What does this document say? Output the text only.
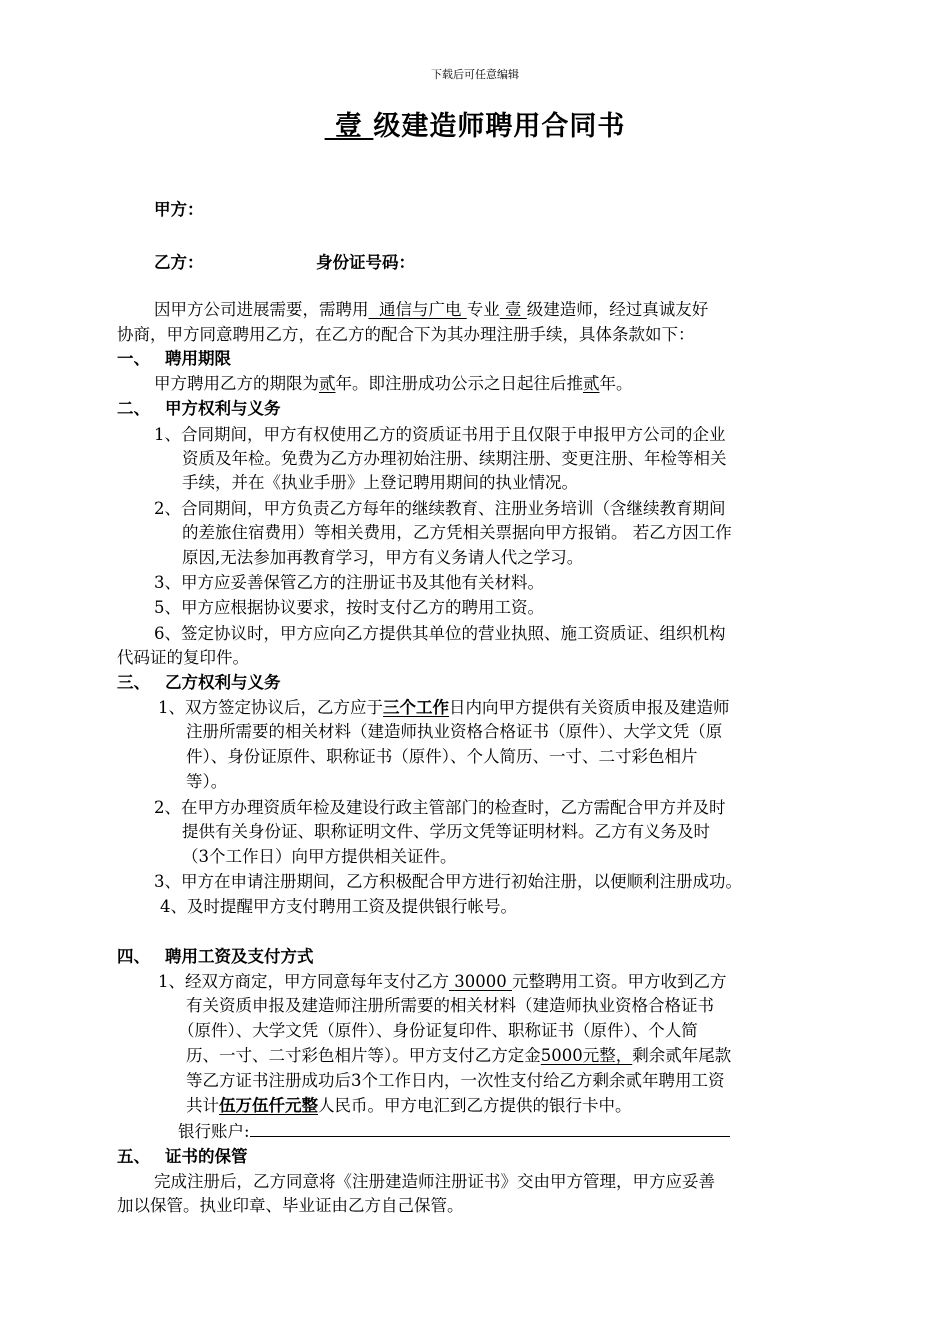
下载后可任意编辑
壹 级建造师聘用合同书
甲方：
乙方：	身份证号码：
因甲方公司进展需要，需聘用 通信与广电 专业 壹 级建造师，经过真诚友好
协商，甲方同意聘用乙方，在乙方的配合下为其办理注册手续，具体条款如下：
一、 聘用期限
甲方聘用乙方的期限为贰年。即注册成功公示之日起往后推贰年。
二、 甲方权利与义务
1、合同期间，甲方有权使用乙方的资质证书用于且仅限于申报甲方公司的企业
资质及年检。免费为乙方办理初始注册、续期注册、变更注册、年检等相关
手续，并在《执业手册》上登记聘用期间的执业情况。
2、合同期间，甲方负责乙方每年的继续教育、注册业务培训（含继续教育期间
的差旅住宿费用）等相关费用，乙方凭相关票据向甲方报销。 若乙方因工作
原因,无法参加再教育学习，甲方有义务请人代之学习。
3、甲方应妥善保管乙方的注册证书及其他有关材料。
5、甲方应根据协议要求，按时支付乙方的聘用工资。
6、签定协议时，甲方应向乙方提供其单位的营业执照、施工资质证、组织机构
代码证的复印件。
三、 乙方权利与义务
1、双方签定协议后，乙方应于三个工作日内向甲方提供有关资质申报及建造师
注册所需要的相关材料（建造师执业资格合格证书（原件）、大学文凭（原
件）、身份证原件、职称证书（原件）、个人简历、一寸、二寸彩色相片
等）。
2、在甲方办理资质年检及建设行政主管部门的检查时，乙方需配合甲方并及时
提供有关身份证、职称证明文件、学历文凭等证明材料。乙方有义务及时
（3个工作日）向甲方提供相关证件。
3、甲方在申请注册期间，乙方积极配合甲方进行初始注册，以便顺利注册成功。
4、及时提醒甲方支付聘用工资及提供银行帐号。
四、 聘用工资及支付方式
1、经双方商定，甲方同意每年支付乙方 30000 元整聘用工资。甲方收到乙方
有关资质申报及建造师注册所需要的相关材料（建造师执业资格合格证书
（原件）、大学文凭（原件）、身份证复印件、职称证书（原件）、个人简
历、一寸、二寸彩色相片等）。甲方支付乙方定金5000元整，剩余贰年尾款
等乙方证书注册成功后3个工作日内，一次性支付给乙方剩余贰年聘用工资
共计伍万伍仟元整人民币。甲方电汇到乙方提供的银行卡中。
银行账户:
五、 证书的保管
完成注册后，乙方同意将《注册建造师注册证书》交由甲方管理，甲方应妥善
加以保管。执业印章、毕业证由乙方自己保管。
